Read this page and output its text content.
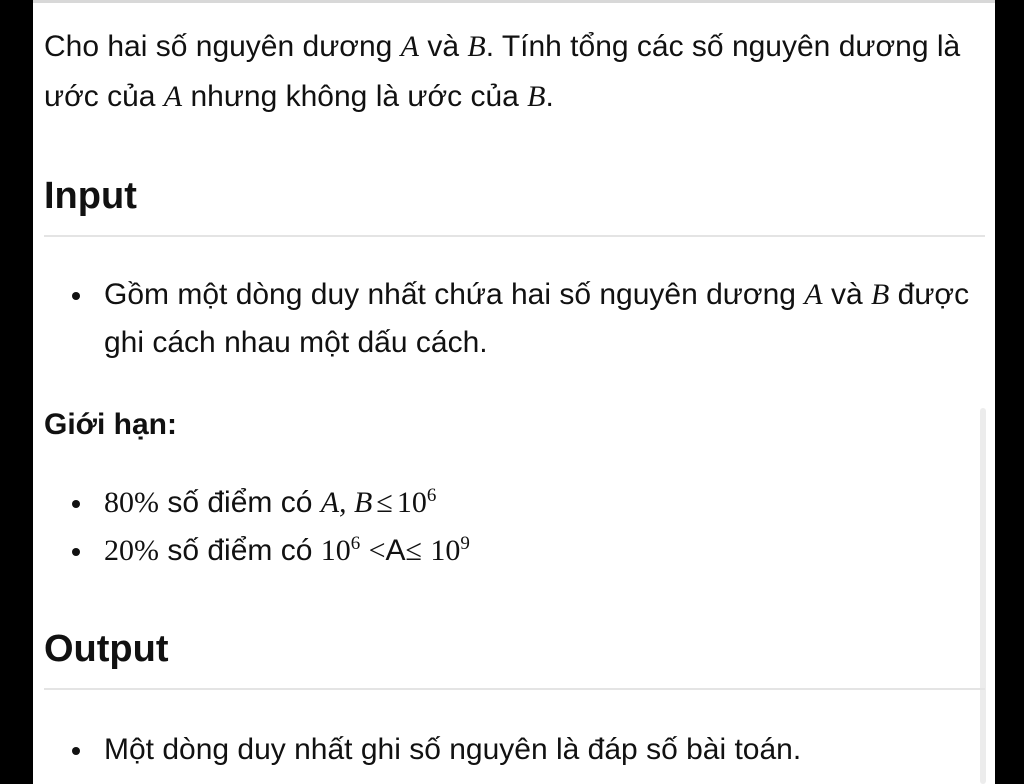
Cho hai số nguyên dương A và B. Tính tổng các số nguyên dương là ước của A nhưng không là ước của B.

Input
Gồm một dòng duy nhất chứa hai số nguyên dương A và B được ghi cách nhau một dấu cách.
Giới hạn:
80% số điểm có A, $B \le 10^6$
20% số điểm có $10^6 <A\le 10^9$
Output
Một dòng duy nhất ghi số nguyên là đáp số bài toán.
